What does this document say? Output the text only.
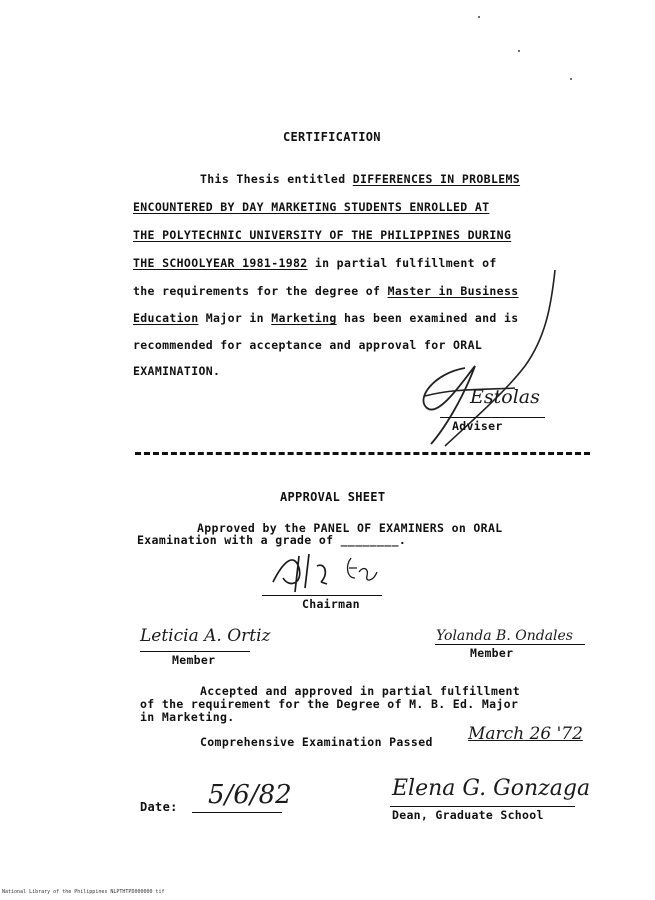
CERTIFICATION
This Thesis entitled DIFFERENCES IN PROBLEMS
ENCOUNTERED BY DAY MARKETING STUDENTS ENROLLED AT
THE POLYTECHNIC UNIVERSITY OF THE PHILIPPINES DURING
THE SCHOOLYEAR 1981-1982 in partial fulfillment of
the requirements for the degree of Master in Business
Education Major in Marketing has been examined and is
recommended for acceptance and approval for ORAL
EXAMINATION.
Estolas
Adviser
APPROVAL SHEET
Approved by the PANEL OF EXAMINERS on ORAL
Examination with a grade of ________.
Chairman
Leticia A. Ortiz
Member
Yolanda B. Ondales
Member
Accepted and approved in partial fulfillment
of the requirement for the Degree of M. B. Ed. Major
in Marketing.
Comprehensive Examination Passed March 26 '72
Date: 5/6/82	Elena G. Gonzaga
Dean, Graduate School
National Library of the Philippines NLPTHTPD000000 tif
